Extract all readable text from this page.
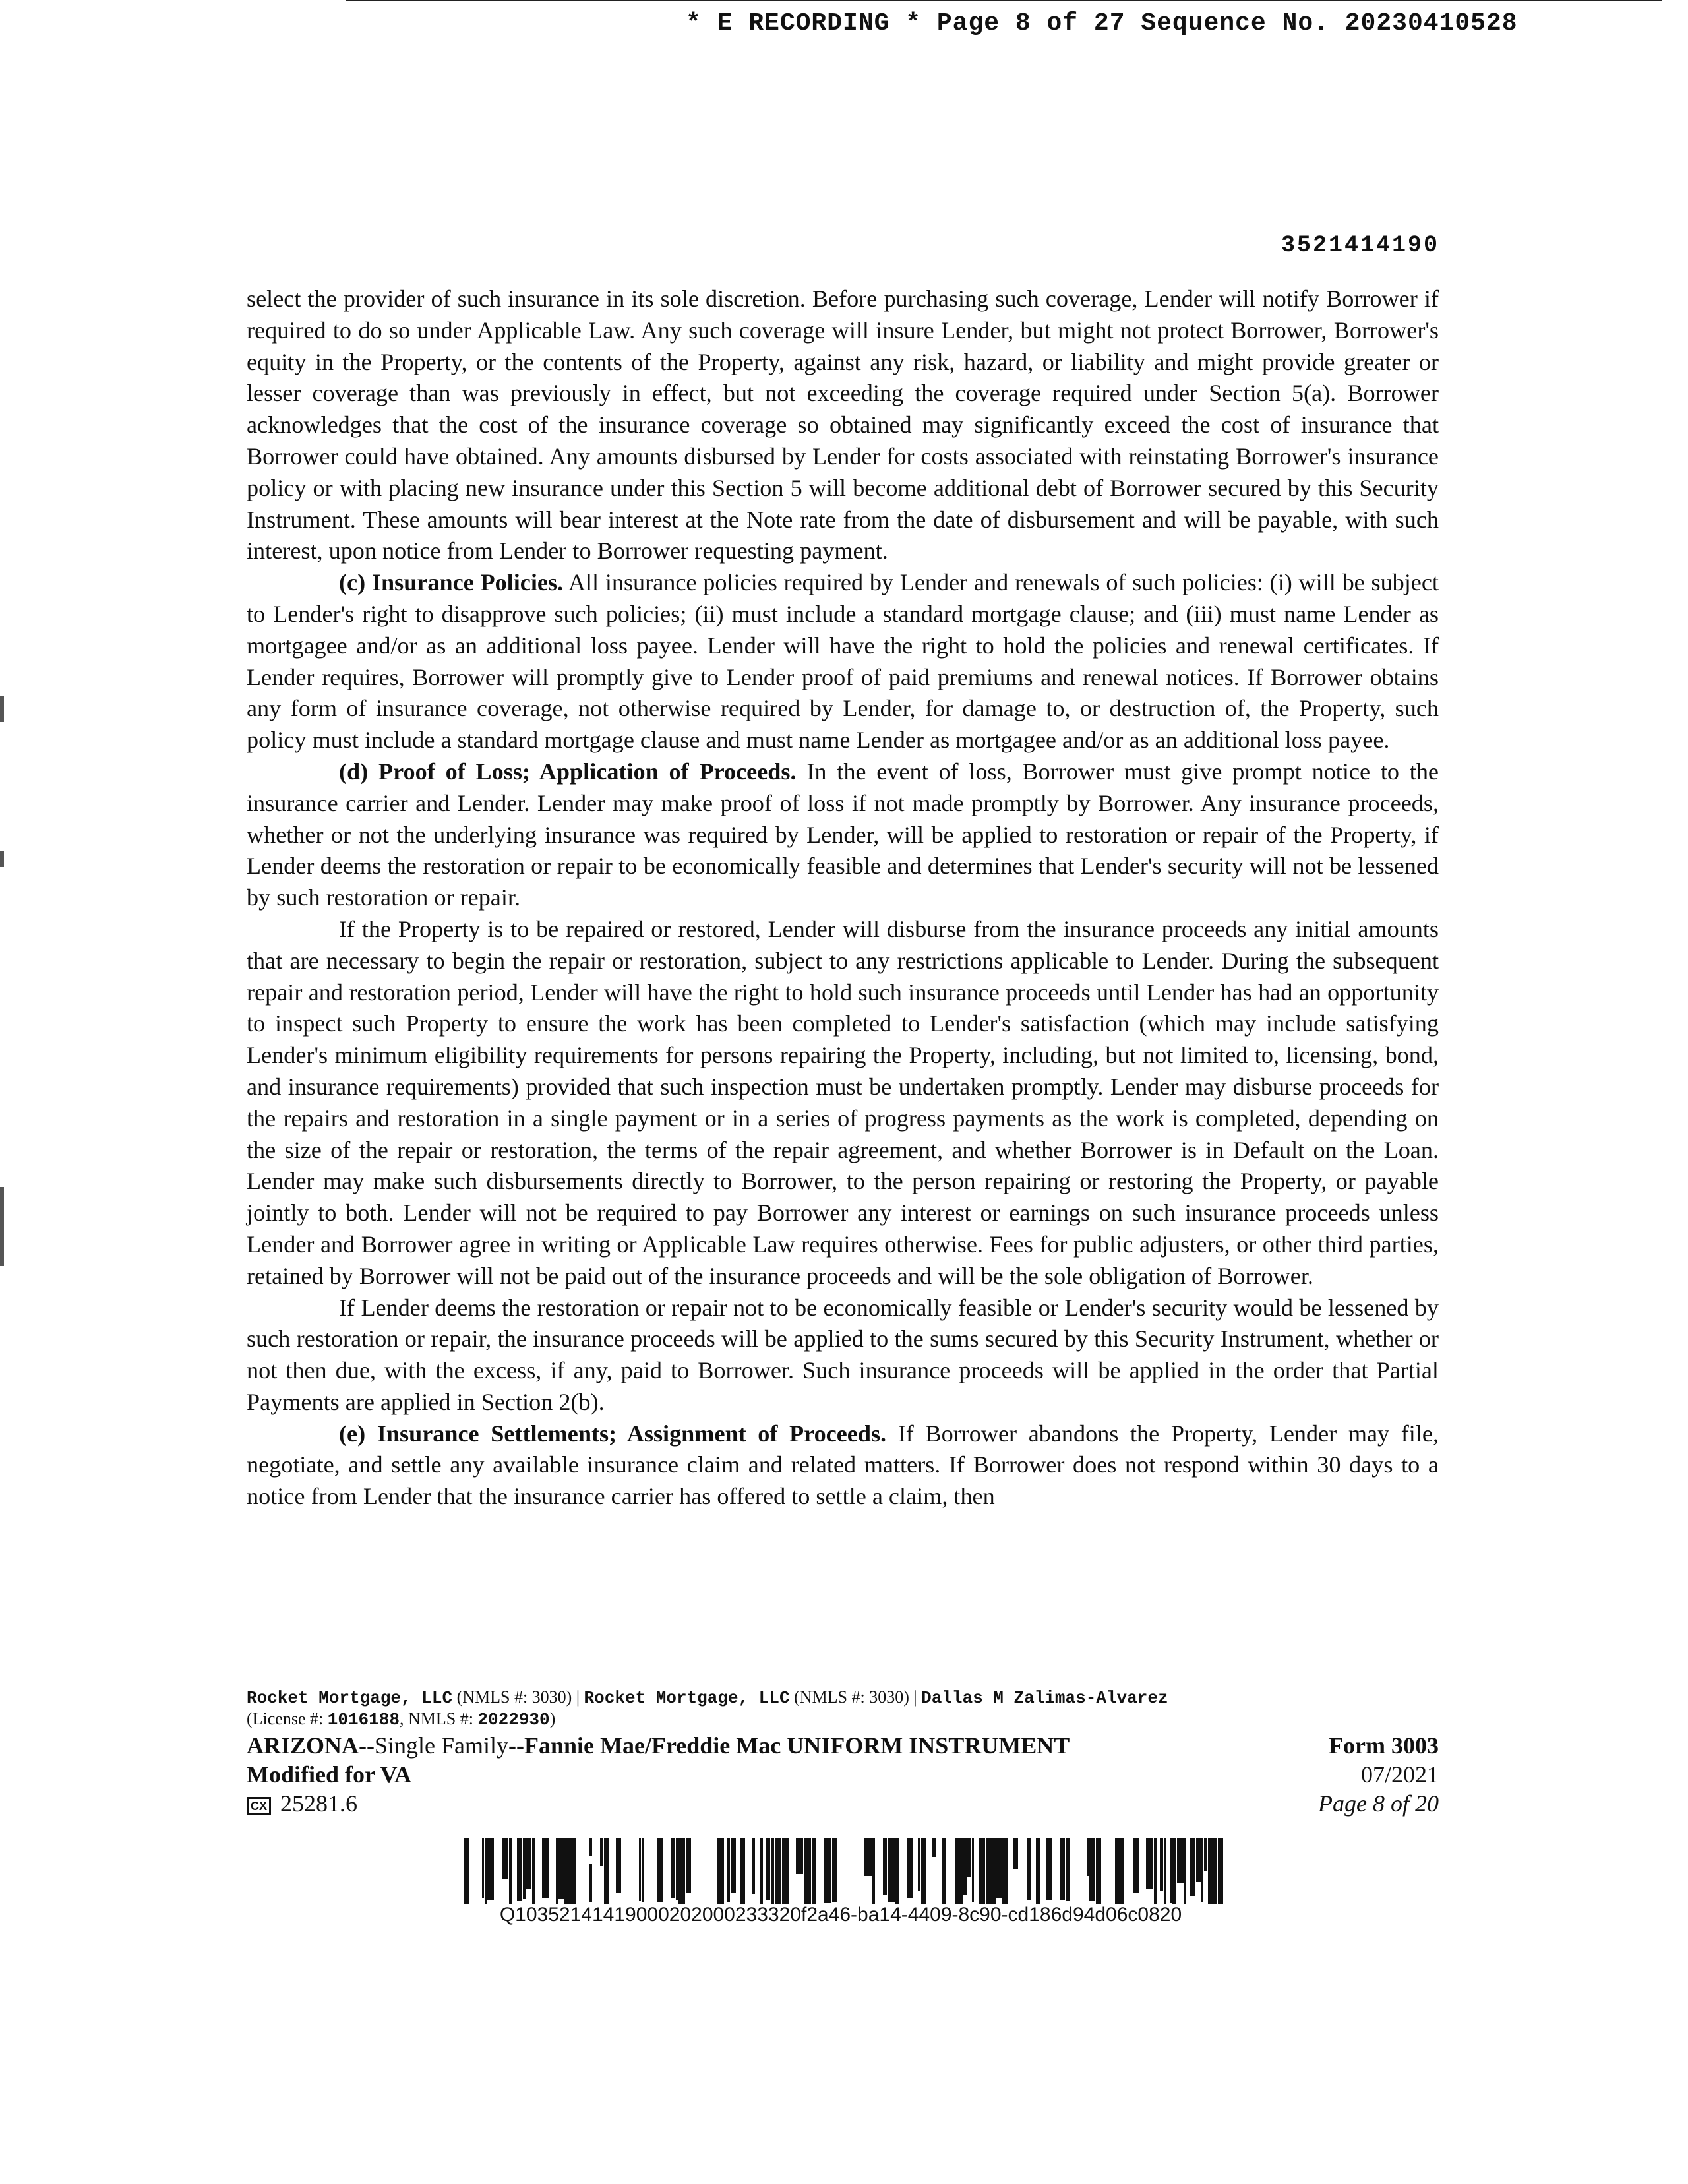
* E RECORDING * Page 8 of 27 Sequence No. 20230410528
3521414190

select the provider of such insurance in its sole discretion. Before purchasing such coverage, Lender will notify Borrower if required to do so under Applicable Law. Any such coverage will insure Lender, but might not protect Borrower, Borrower's equity in the Property, or the contents of the Property, against any risk, hazard, or liability and might provide greater or lesser coverage than was previously in effect, but not exceeding the coverage required under Section 5(a). Borrower acknowledges that the cost of the insurance coverage so obtained may significantly exceed the cost of insurance that Borrower could have obtained. Any amounts disbursed by Lender for costs associated with reinstating Borrower's insurance policy or with placing new insurance under this Section 5 will become additional debt of Borrower secured by this Security Instrument. These amounts will bear interest at the Note rate from the date of disbursement and will be payable, with such interest, upon notice from Lender to Borrower requesting payment.

(c) Insurance Policies. All insurance policies required by Lender and renewals of such policies: (i) will be subject to Lender's right to disapprove such policies; (ii) must include a standard mortgage clause; and (iii) must name Lender as mortgagee and/or as an additional loss payee. Lender will have the right to hold the policies and renewal certificates. If Lender requires, Borrower will promptly give to Lender proof of paid premiums and renewal notices. If Borrower obtains any form of insurance coverage, not otherwise required by Lender, for damage to, or destruction of, the Property, such policy must include a standard mortgage clause and must name Lender as mortgagee and/or as an additional loss payee.

(d) Proof of Loss; Application of Proceeds. In the event of loss, Borrower must give prompt notice to the insurance carrier and Lender. Lender may make proof of loss if not made promptly by Borrower. Any insurance proceeds, whether or not the underlying insurance was required by Lender, will be applied to restoration or repair of the Property, if Lender deems the restoration or repair to be economically feasible and determines that Lender's security will not be lessened by such restoration or repair.

If the Property is to be repaired or restored, Lender will disburse from the insurance proceeds any initial amounts that are necessary to begin the repair or restoration, subject to any restrictions applicable to Lender. During the subsequent repair and restoration period, Lender will have the right to hold such insurance proceeds until Lender has had an opportunity to inspect such Property to ensure the work has been completed to Lender's satisfaction (which may include satisfying Lender's minimum eligibility requirements for persons repairing the Property, including, but not limited to, licensing, bond, and insurance requirements) provided that such inspection must be undertaken promptly. Lender may disburse proceeds for the repairs and restoration in a single payment or in a series of progress payments as the work is completed, depending on the size of the repair or restoration, the terms of the repair agreement, and whether Borrower is in Default on the Loan. Lender may make such disbursements directly to Borrower, to the person repairing or restoring the Property, or payable jointly to both. Lender will not be required to pay Borrower any interest or earnings on such insurance proceeds unless Lender and Borrower agree in writing or Applicable Law requires otherwise. Fees for public adjusters, or other third parties, retained by Borrower will not be paid out of the insurance proceeds and will be the sole obligation of Borrower.

If Lender deems the restoration or repair not to be economically feasible or Lender's security would be lessened by such restoration or repair, the insurance proceeds will be applied to the sums secured by this Security Instrument, whether or not then due, with the excess, if any, paid to Borrower. Such insurance proceeds will be applied in the order that Partial Payments are applied in Section 2(b).

(e) Insurance Settlements; Assignment of Proceeds. If Borrower abandons the Property, Lender may file, negotiate, and settle any available insurance claim and related matters. If Borrower does not respond within 30 days to a notice from Lender that the insurance carrier has offered to settle a claim, then

Rocket Mortgage, LLC (NMLS #: 3030) | Rocket Mortgage, LLC (NMLS #: 3030) | Dallas M Zalimas-Alvarez
(License #: 1016188, NMLS #: 2022930)
ARIZONA--Single Family--Fannie Mae/Freddie Mac UNIFORM INSTRUMENT
Modified for VA
CX 25281.6
Form 3003
07/2021
Page 8 of 20
Q10352141419000202000233320f2a46-ba14-4409-8c90-cd186d94d06c0820
